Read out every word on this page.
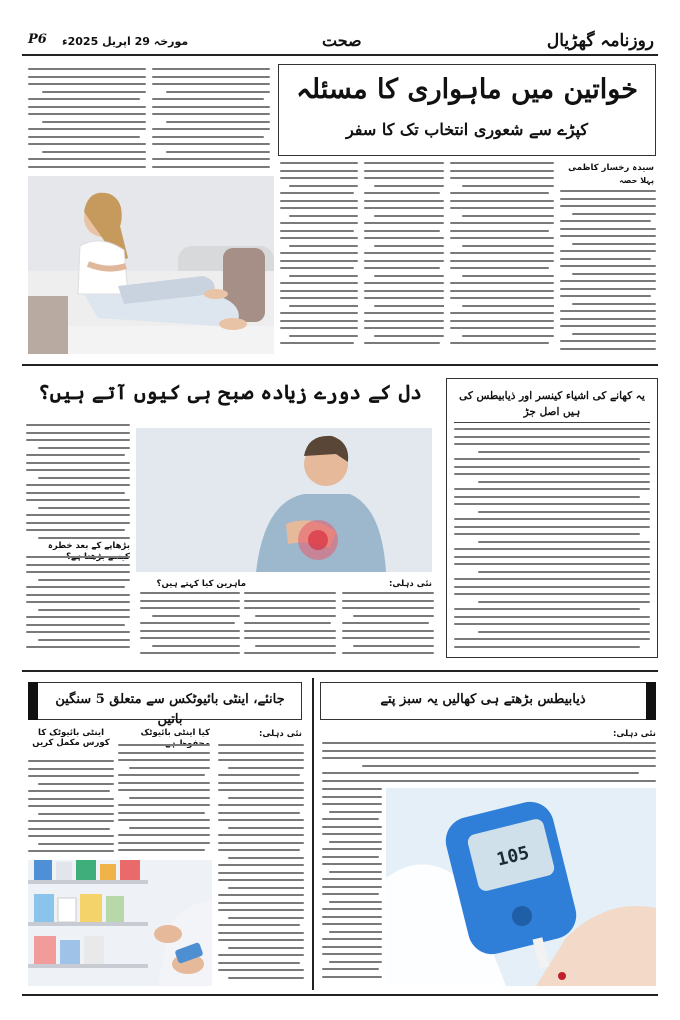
P6 مورخہ 29 اپریل 2025ء	صحت	روزنامہ گھڑیال
خواتین میں ماہواری کا مسئلہ
کپڑے سے شعوری انتخاب تک کا سفر
سیدہ رخسار کاظمی
پہلا حصہ
دل کے دورے زیادہ صبح ہی کیوں آتے ہیں؟
بڑھاپے کے بعد خطرہ
ماہرین کیا کہتے ہیں؟	نئی دہلی:
یہ کھانے کی اشیاء کینسر اور ذیابیطس کی ہیں اصل جڑ
جانئے، اینٹی بائیوٹکس سے متعلق 5 سنگین باتیں
اینٹی بائیوٹک کا کورس مکمل کریں
کیا اینٹی بائیوٹک	نئی دہلی:
ذیابیطس بڑھتے ہی کھالیں یہ سبز پتے
نئی دہلی:
105
